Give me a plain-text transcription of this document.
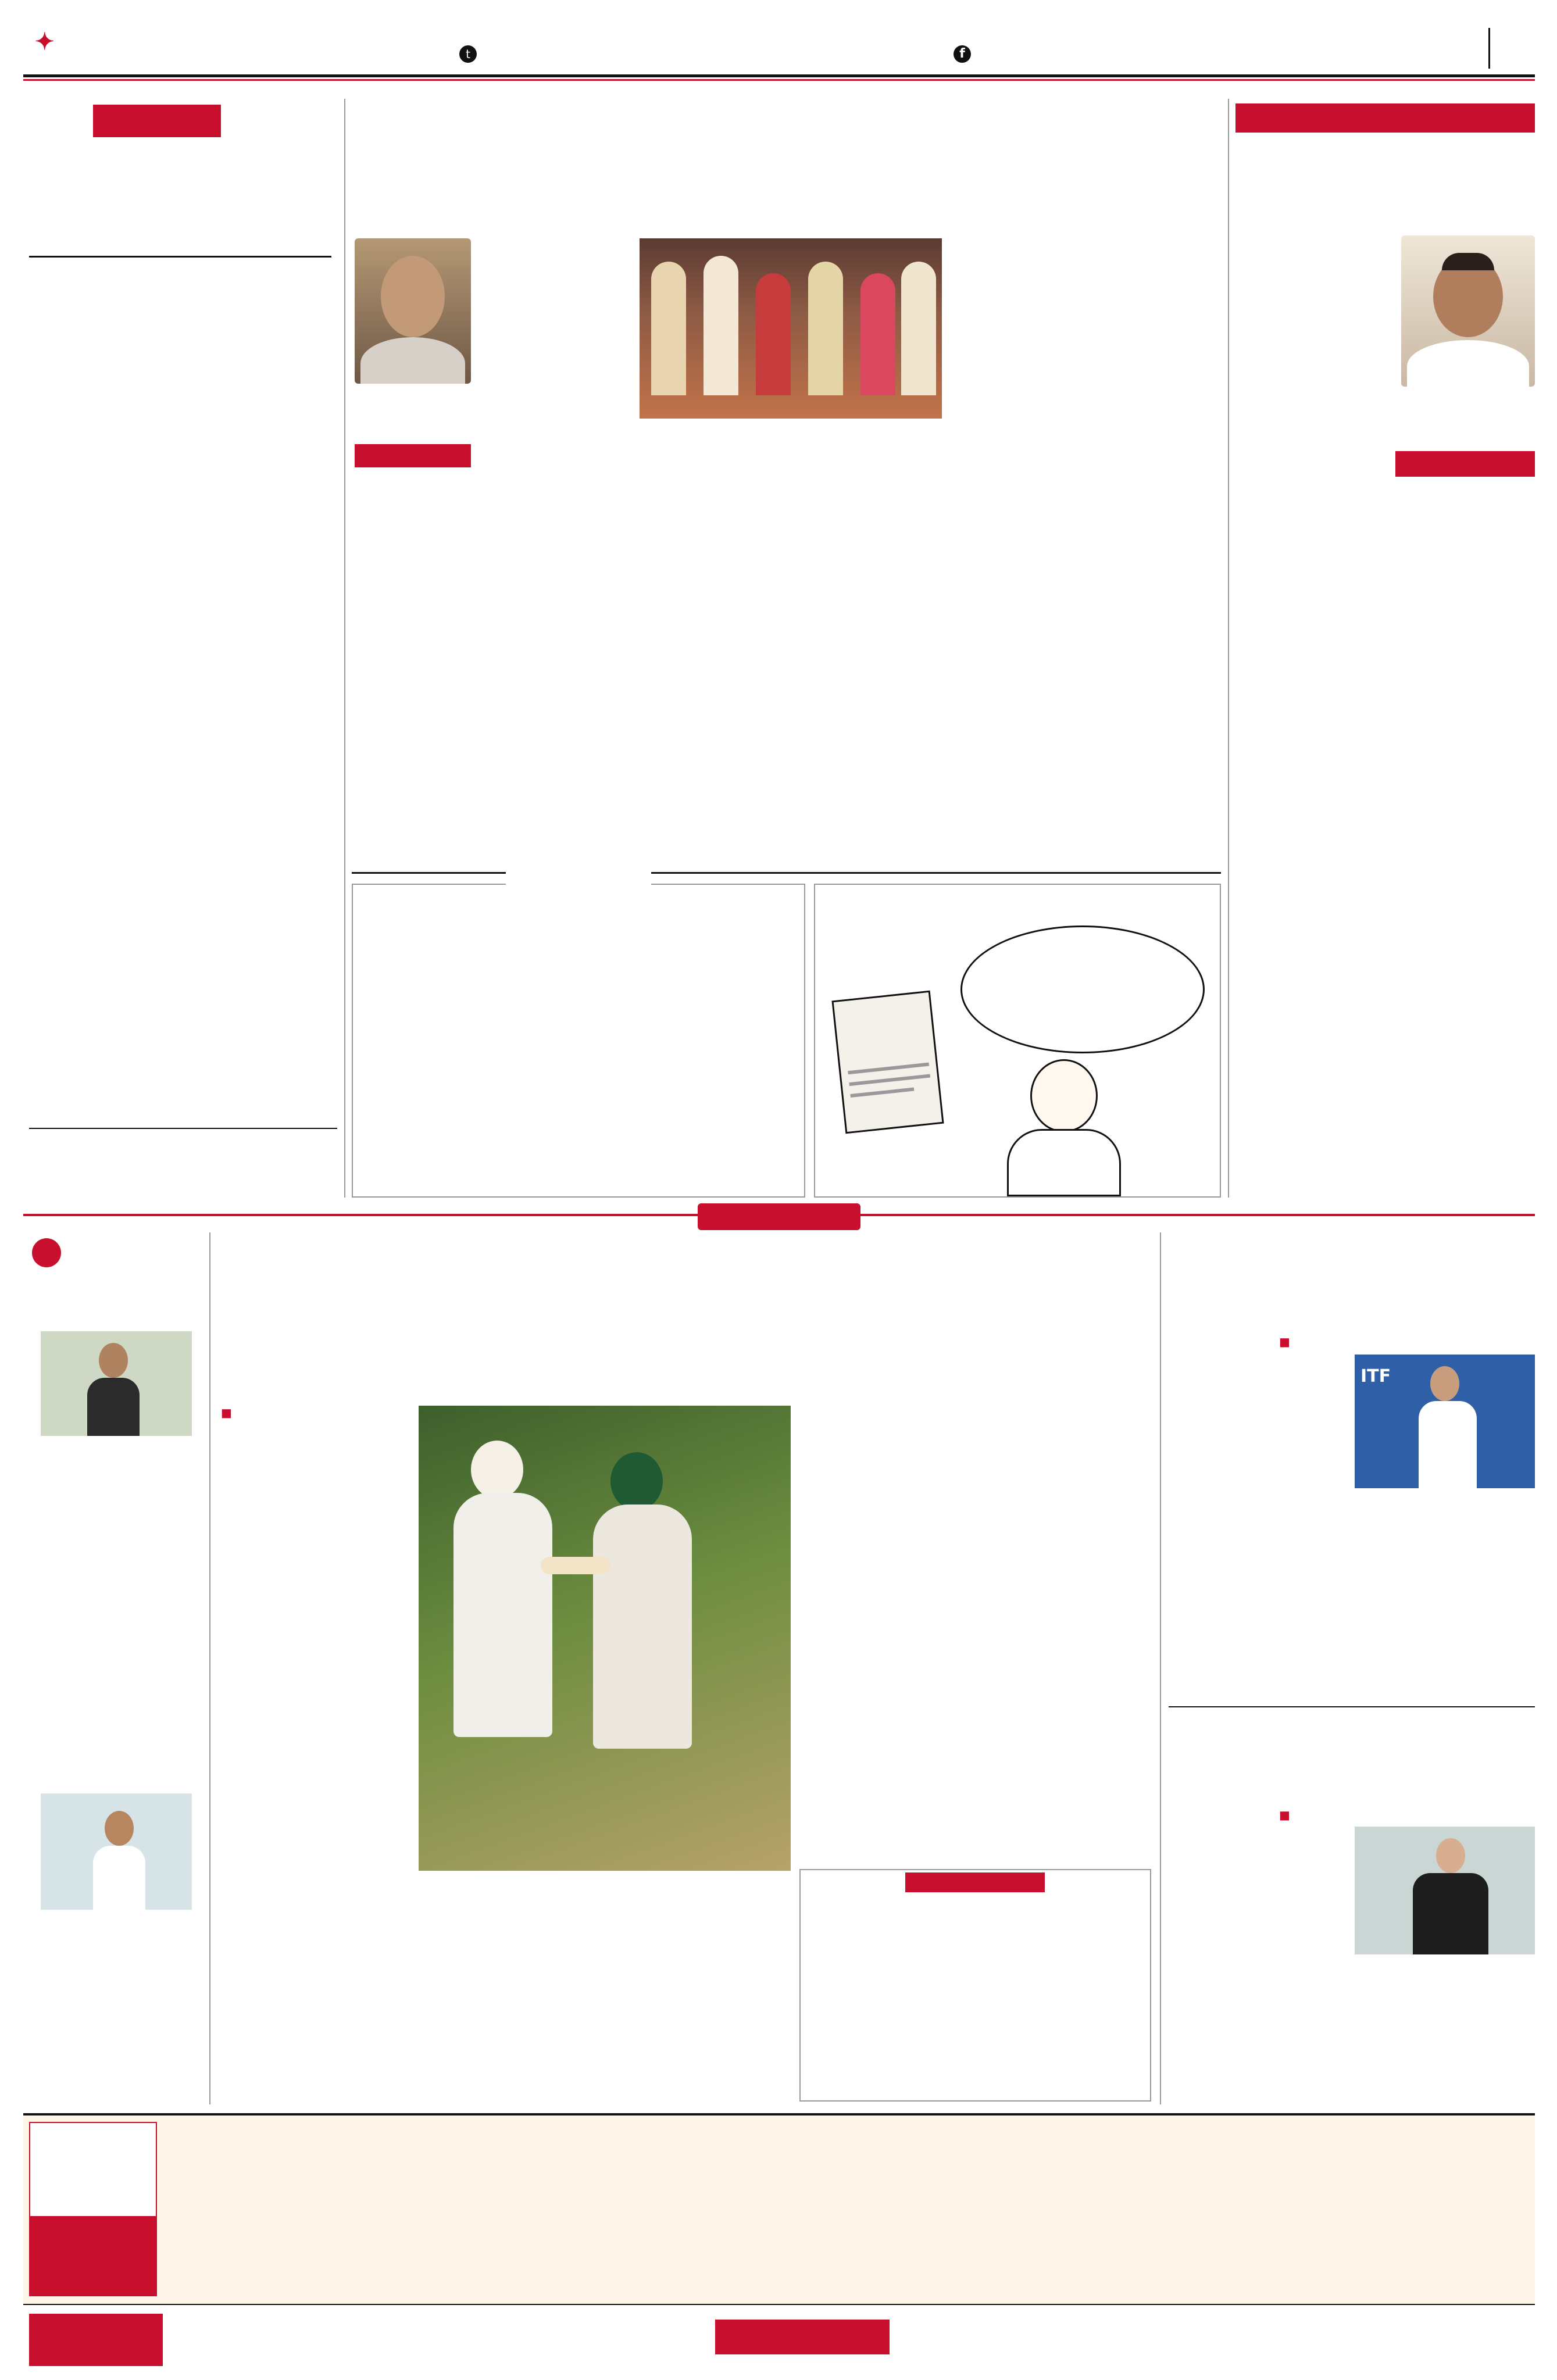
✦	t	f
■
■
ITF
■
